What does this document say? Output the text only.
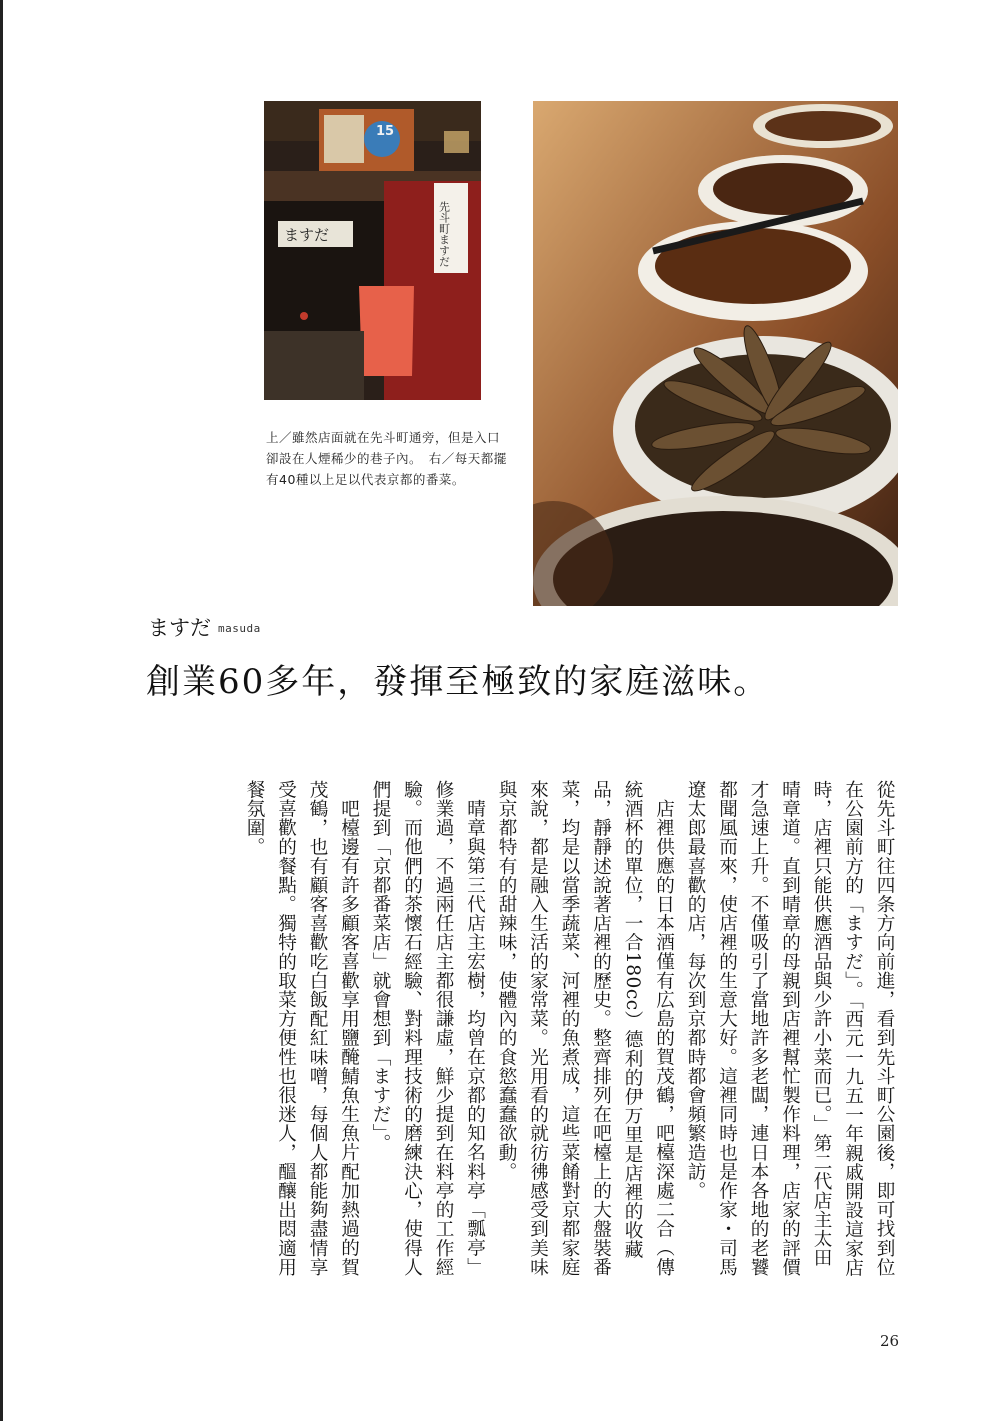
15
ますだ	先斗町ますだ
上／雖然店面就在先斗町通旁，但是入口卻設在人煙稀少的巷子內。　右／每天都擺有40種以上足以代表京都的番菜。
ますだ masuda
創業60多年，發揮至極致的家庭滋味。

從先斗町往四条方向前進，看到先斗町公園後，即可找到位在公園前方的「ますだ」。「西元一九五一年親戚開設這家店時，店裡只能供應酒品與少許小菜而已。」第二代店主太田晴章道。直到晴章的母親到店裡幫忙製作料理，店家的評價才急速上升。不僅吸引了當地許多老闆，連日本各地的老饕都聞風而來，使店裡的生意大好。這裡同時也是作家・司馬遼太郎最喜歡的店，每次到京都時都會頻繁造訪。

店裡供應的日本酒僅有広島的賀茂鶴，吧檯深處二合（傳統酒杯的單位，一合180cc）德利的伊万里是店裡的收藏品，靜靜述說著店裡的歷史。整齊排列在吧檯上的大盤裝番菜，均是以當季蔬菜、河裡的魚煮成，這些菜餚對京都家庭來說，都是融入生活的家常菜。光用看的就彷彿感受到美味與京都特有的甜辣味，使體內的食慾蠢蠢欲動。

晴章與第三代店主宏樹，均曾在京都的知名料亭「瓢亭」修業過，不過兩任店主都很謙虛，鮮少提到在料亭的工作經驗。而他們的茶懷石經驗、對料理技術的磨練決心，使得人們提到「京都番菜店」就會想到「ますだ」。

吧檯邊有許多顧客喜歡享用鹽醃鯖魚生魚片配加熱過的賀茂鶴，也有顧客喜歡吃白飯配紅味噌，每個人都能夠盡情享受喜歡的餐點。獨特的取菜方便性也很迷人，醞釀出悶適用餐氛圍。

26
